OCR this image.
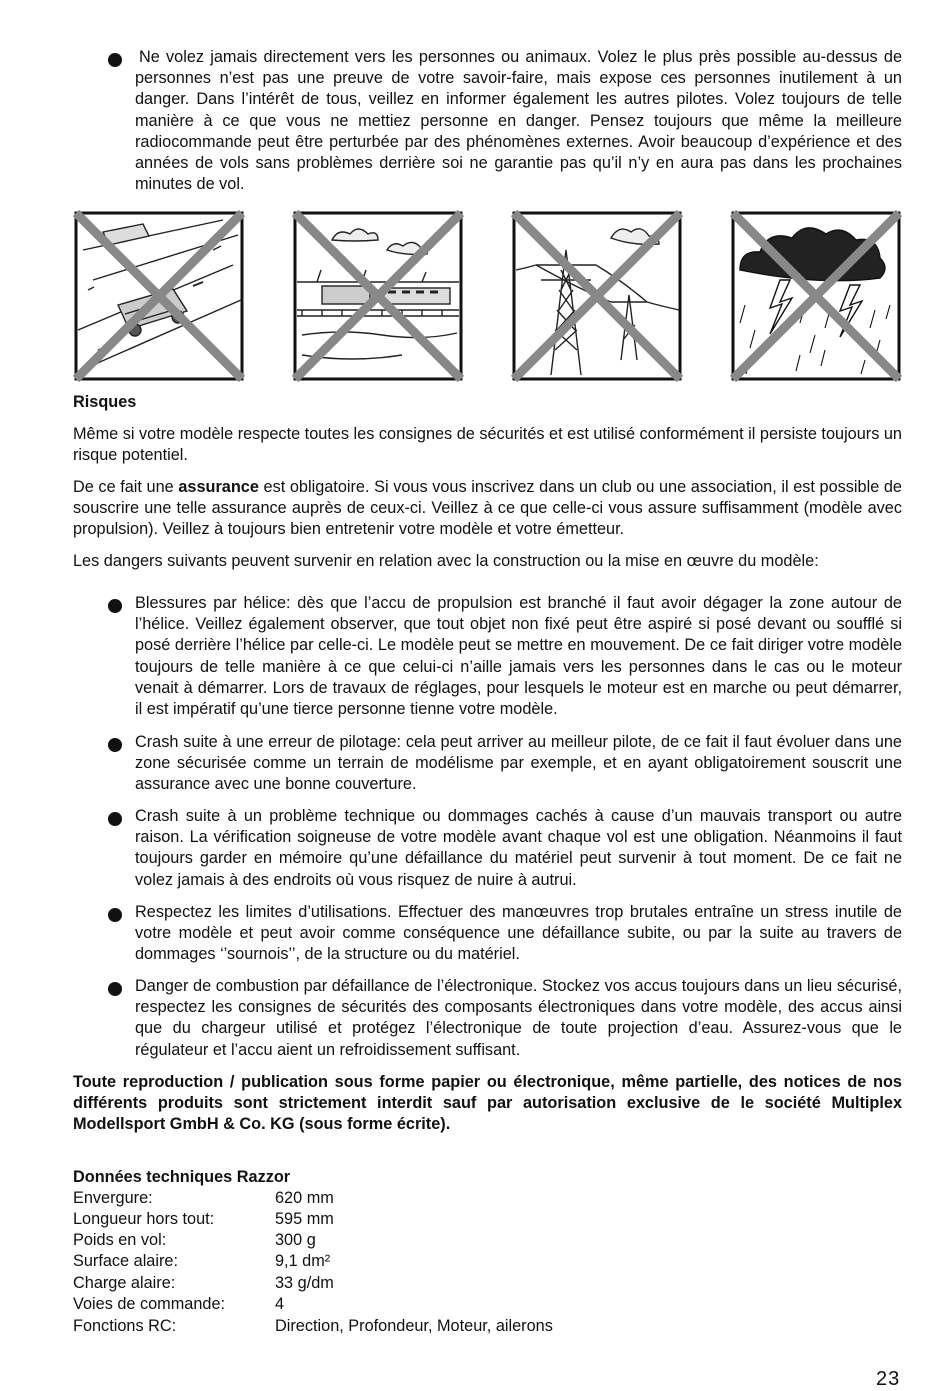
Ne volez jamais directement vers les personnes ou animaux. Volez le plus près possible au-dessus de personnes n’est pas une preuve de votre savoir-faire, mais expose ces personnes inutilement à un danger. Dans l’intérêt de tous, veillez en informer également les autres pilotes. Volez toujours de telle manière à ce que vous ne mettiez personne en danger. Pensez toujours que même la meilleure radiocommande peut être perturbée par des phénomènes externes. Avoir beaucoup d’expérience et des années de vols sans problèmes derrière soi ne garantie pas qu’il n’y en aura pas dans les prochaines minutes de vol.

Risques

Même si votre modèle respecte toutes les consignes de sécurités et est utilisé conformément il persiste toujours un risque potentiel.

De ce fait une assurance est obligatoire. Si vous vous inscrivez dans un club ou une association, il est possible de souscrire une telle assurance auprès de ceux-ci. Veillez à ce que celle-ci vous assure suffisamment (modèle avec propulsion). Veillez à toujours bien entretenir votre modèle et votre émetteur.

Les dangers suivants peuvent survenir en relation avec la construction ou la mise en œuvre du modèle:

Blessures par hélice: dès que l’accu de propulsion est branché il faut avoir dégager la zone autour de l’hélice. Veillez également observer, que tout objet non fixé peut être aspiré si posé devant ou soufflé si posé derrière l’hélice par celle-ci. Le modèle peut se mettre en mouvement. De ce fait diriger votre modèle toujours de telle manière à ce que celui-ci n’aille jamais vers les personnes dans le cas ou le moteur venait à démarrer. Lors de travaux de réglages, pour lesquels le moteur est en marche ou peut démarrer, il est impératif qu’une tierce personne tienne votre modèle.

Crash suite à une erreur de pilotage: cela peut arriver au meilleur pilote, de ce fait il faut évoluer dans une zone sécurisée comme un terrain de modélisme par exemple, et en ayant obligatoirement souscrit une assurance avec une bonne couverture.

Crash suite à un problème technique ou dommages cachés à cause d’un mauvais transport ou autre raison. La vérification soigneuse de votre modèle avant chaque vol est une obligation. Néanmoins il faut toujours garder en mémoire qu’une défaillance du matériel peut survenir à tout moment. De ce fait ne volez jamais à des endroits où vous risquez de nuire à autrui.

Respectez les limites d’utilisations. Effectuer des manœuvres trop brutales entraîne un stress inutile de votre modèle et peut avoir comme conséquence une défaillance subite, ou par la suite au travers de dommages ‘’sournois’’, de la structure ou du matériel.

Danger de combustion par défaillance de l’électronique. Stockez vos accus toujours dans un lieu sécurisé, respectez les consignes de sécurités des composants électroniques dans votre modèle, des accus ainsi que du chargeur utilisé et protégez l’électronique de toute projection d’eau. Assurez-vous que le régulateur et l’accu aient un refroidissement suffisant.

Toute reproduction / publication sous forme papier ou électronique, même partielle, des notices de nos différents produits sont strictement interdit sauf par autorisation exclusive de le société Multiplex Modellsport GmbH & Co. KG (sous forme écrite).

Données techniques Razzor

Envergure:	620 mm
Longueur hors tout:	595 mm
Poids en vol:	300 g
Surface alaire:	9,1 dm²
Charge alaire:	33 g/dm
Voies de commande:	4
Fonctions RC:	Direction, Profondeur, Moteur, ailerons
23
